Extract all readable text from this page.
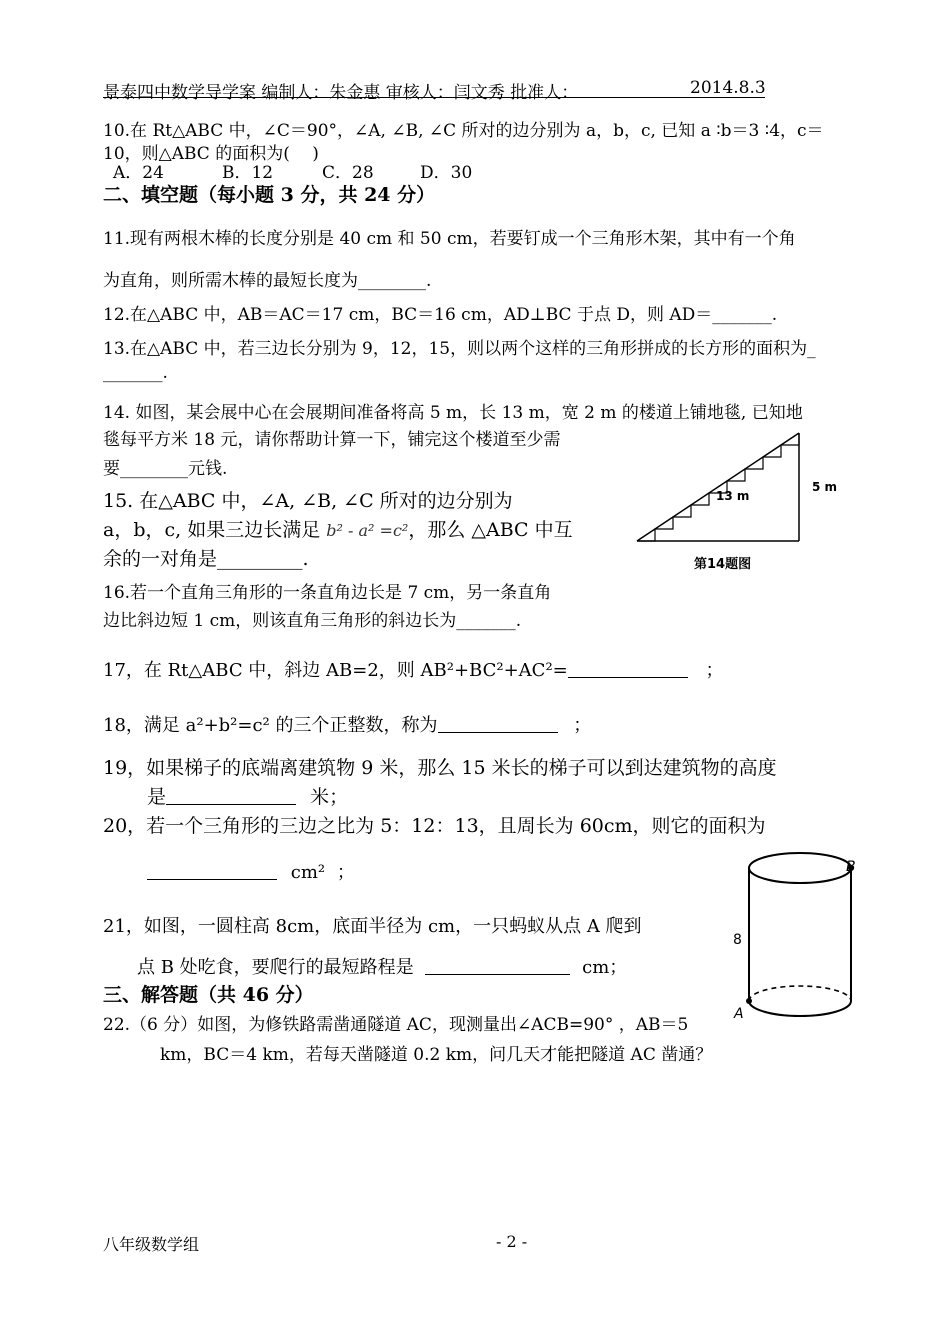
景泰四中数学导学案 编制人：朱金惠 审核人：闫文秀 批准人：	2014.8.3
10.在 Rt△ABC 中，∠C＝90°，∠A, ∠B, ∠C 所对的边分别为 a，b，c, 已知 a ∶b＝3 ∶4，c＝
10，则△ABC 的面积为(　 )
A．24	B．12	C．28	D．30
二、填空题（每小题 3 分，共 24 分）
11.现有两根木棒的长度分别是 40 cm 和 50 cm，若要钉成一个三角形木架，其中有一个角
为直角，则所需木棒的最短长度为________.
12.在△ABC 中，AB＝AC＝17 cm，BC＝16 cm，AD⊥BC 于点 D，则 AD＝_______.
13.在△ABC 中，若三边长分别为 9，12，15，则以两个这样的三角形拼成的长方形的面积为_
_______.
14. 如图，某会展中心在会展期间准备将高 5 m，长 13 m，宽 2 m 的楼道上铺地毯, 已知地
毯每平方米 18 元，请你帮助计算一下，铺完这个楼道至少需
要________元钱.
13 m
5 m
第14题图
15. 在△ABC 中，∠A, ∠B, ∠C 所对的边分别为
a，b，c, 如果三边长满足 b² - a² =c²，那么 △ABC 中互
余的一对角是_________.
16.若一个直角三角形的一条直角边长是 7 cm，另一条直角
边比斜边短 1 cm，则该直角三角形的斜边长为_______.
17，在 Rt△ABC 中，斜边 AB=2，则 AB²+BC²+AC²=	；
18，满足 a²+b²=c² 的三个正整数，称为	；
19，如果梯子的底端离建筑物 9 米，那么 15 米长的梯子可以到达建筑物的高度
是	米；
20，若一个三角形的三边之比为 5：12：13，且周长为 60cm，则它的面积为
cm² ；
21，如图，一圆柱高 8cm，底面半径为 cm，一只蚂蚁从点 A 爬到
点 B 处吃食，要爬行的最短路程是	cm；
B
A
8
三、解答题（共 46 分）
22.（6 分）如图，为修铁路需凿通隧道 AC，现测量出∠ACB=90° ，AB＝5
km，BC＝4 km，若每天凿隧道 0.2 km，问几天才能把隧道 AC 凿通？
八年级数学组	- 2 -
